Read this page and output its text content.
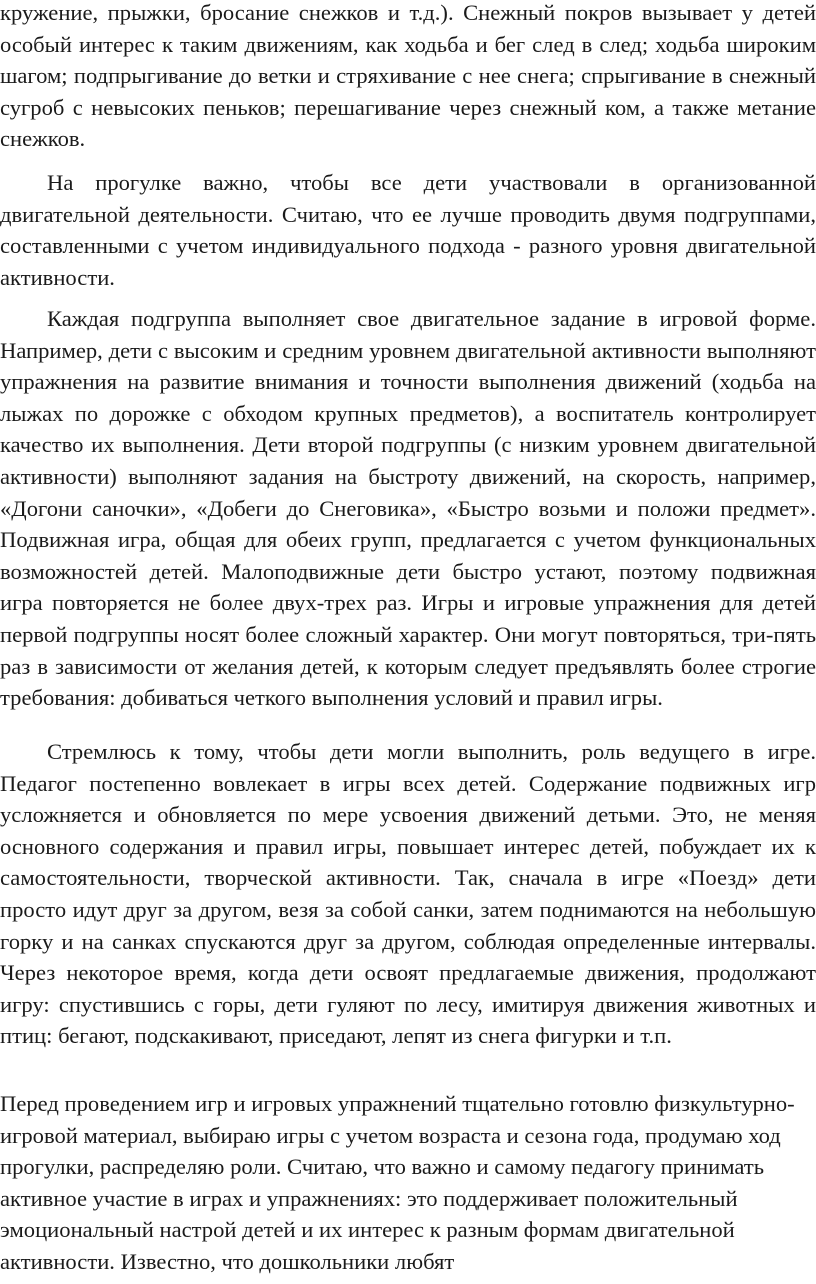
кружение, прыжки, бросание снежков и т.д.). Снежный покров вызывает у детей особый интерес к таким движениям, как ходьба и бег след в след; ходьба широким шагом; подпрыгивание до ветки и стряхивание с нее снега; спрыгивание в снежный сугроб с невысоких пеньков; перешагивание через снежный ком, а также метание снежков.

На прогулке важно, чтобы все дети участвовали в организованной двигательной деятельности. Считаю, что ее лучше проводить двумя подгруппами, составленными с учетом индивидуального подхода - разного уровня двигательной активности.

Каждая подгруппа выполняет свое двигательное задание в игровой форме. Например, дети с высоким и средним уровнем двигательной активности выполняют упражнения на развитие внимания и точности выполнения движений (ходьба на лыжах по дорожке с обходом крупных предметов), а воспитатель контролирует качество их выполнения. Дети второй подгруппы (с низким уровнем двигательной активности) выполняют задания на быстроту движений, на скорость, например, «Догони саночки», «Добеги до Снеговика», «Быстро возьми и положи предмет». Подвижная игра, общая для обеих групп, предлагается с учетом функциональных возможностей детей. Малоподвижные дети быстро устают, поэтому подвижная игра повторяется не более двух-трех раз. Игры и игровые упражнения для детей первой подгруппы носят более сложный характер. Они могут повторяться, три-пять раз в зависимости от желания детей, к которым следует предъявлять более строгие требования: добиваться четкого выполнения условий и правил игры.

Стремлюсь к тому, чтобы дети могли выполнить, роль ведущего в игре. Педагог постепенно вовлекает в игры всех детей. Содержание подвижных игр усложняется и обновляется по мере усвоения движений детьми. Это, не меняя основного содержания и правил игры, повышает интерес детей, побуждает их к самостоятельности, творческой активности. Так, сначала в игре «Поезд» дети просто идут друг за другом, везя за собой санки, затем поднимаются на небольшую горку и на санках спускаются друг за другом, соблюдая определенные интервалы. Через некоторое время, когда дети освоят предлагаемые движения, продолжают игру: спустившись с горы, дети гуляют по лесу, имитируя движения животных и птиц: бегают, подскакивают, приседают, лепят из снега фигурки и т.п.

Перед проведением игр и игровых упражнений тщательно готовлю физкультурно-игровой материал, выбираю игры с учетом возраста и сезона года, продумаю ход прогулки, распределяю роли. Считаю, что важно и самому педагогу принимать активное участие в играх и упражнениях: это поддерживает положительный эмоциональный настрой детей и их интерес к разным формам двигательной активности. Известно, что дошкольники любят
